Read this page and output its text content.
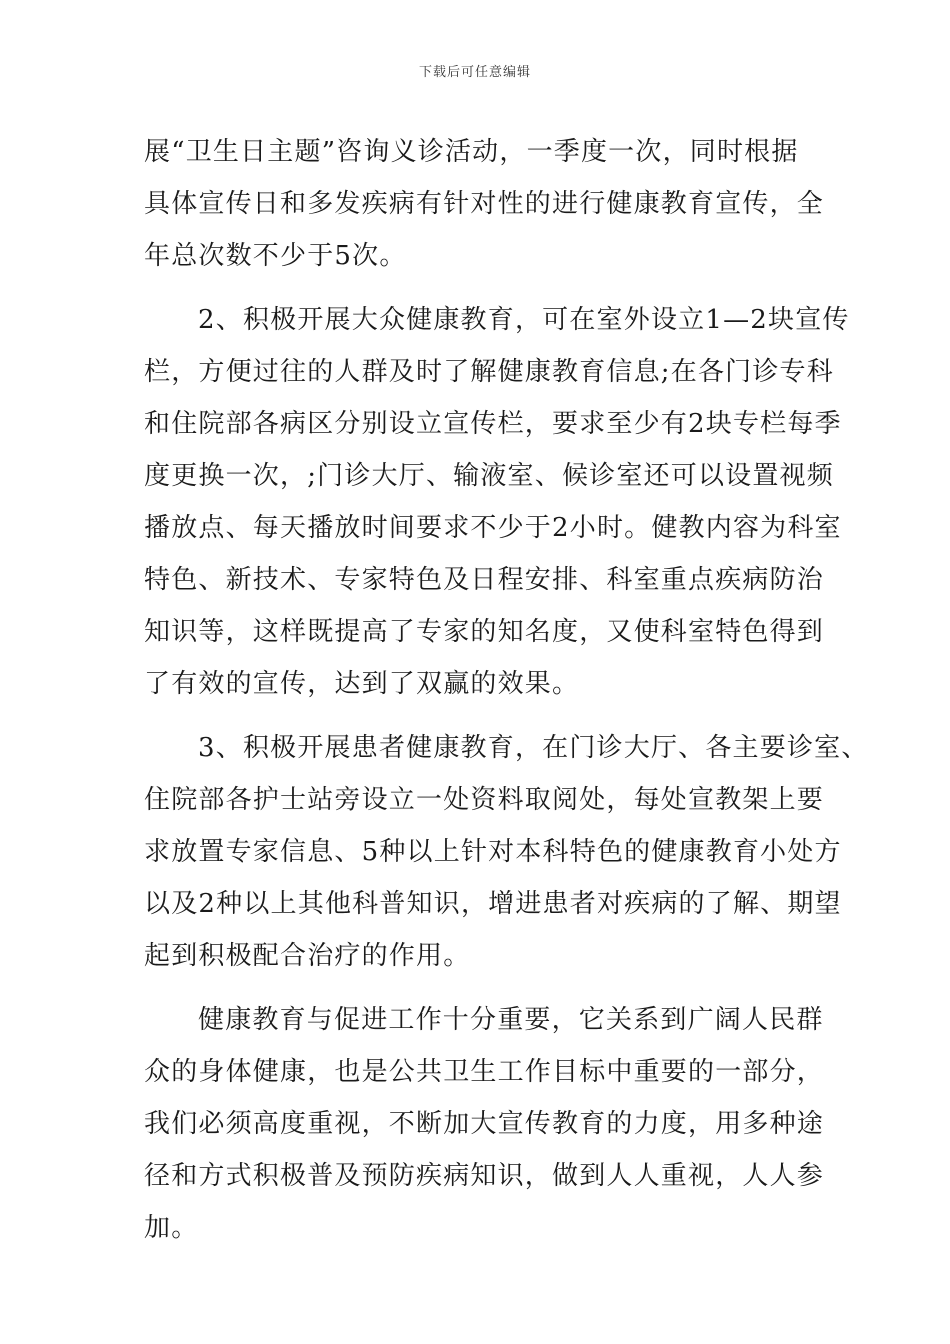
下载后可任意编辑
展“卫生日主题”咨询义诊活动，一季度一次，同时根据
具体宣传日和多发疾病有针对性的进行健康教育宣传，全
年总次数不少于5次。
2、积极开展大众健康教育，可在室外设立1—2块宣传
栏，方便过往的人群及时了解健康教育信息;在各门诊专科
和住院部各病区分别设立宣传栏，要求至少有2块专栏每季
度更换一次，;门诊大厅、输液室、候诊室还可以设置视频
播放点、每天播放时间要求不少于2小时。健教内容为科室
特色、新技术、专家特色及日程安排、科室重点疾病防治
知识等，这样既提高了专家的知名度，又使科室特色得到
了有效的宣传，达到了双赢的效果。
3、积极开展患者健康教育，在门诊大厅、各主要诊室、
住院部各护士站旁设立一处资料取阅处，每处宣教架上要
求放置专家信息、5种以上针对本科特色的健康教育小处方
以及2种以上其他科普知识，增进患者对疾病的了解、期望
起到积极配合治疗的作用。
健康教育与促进工作十分重要，它关系到广阔人民群
众的身体健康，也是公共卫生工作目标中重要的一部分，
我们必须高度重视，不断加大宣传教育的力度，用多种途
径和方式积极普及预防疾病知识，做到人人重视，人人参
加。
